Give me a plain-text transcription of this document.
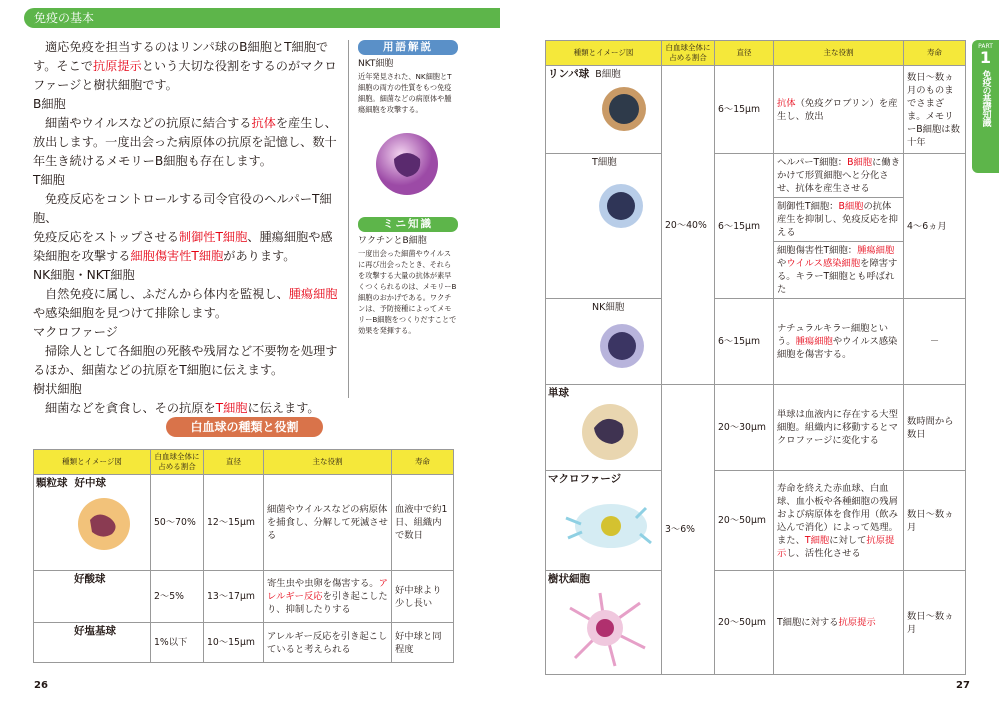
免疫の基本

適応免疫を担当するのはリンパ球のB細胞とT細胞で

す。そこで抗原提示という大切な役割をするのがマクロ

ファージと樹状細胞です。

B細胞

細菌やウイルスなどの抗原に結合する抗体を産生し、

放出します。一度出会った病原体の抗原を記憶し、数十

年生き続けるメモリーB細胞も存在します。

T細胞

免疫反応をコントロールする司令官役のヘルパーT細胞、

免疫反応をストップさせる制御性T細胞、腫瘍細胞や感

染細胞を攻撃する細胞傷害性T細胞があります。

NK細胞・NKT細胞

自然免疫に属し、ふだんから体内を監視し、腫瘍細胞

や感染細胞を見つけて排除します。

マクロファージ

掃除人として各細胞の死骸や残屑など不要物を処理す

るほか、細菌などの抗原をT細胞に伝えます。

樹状細胞

細菌などを貪食し、その抗原をT細胞に伝えます。

用語解説
NKT細胞
近年発見された、NK細胞とT細胞の両方の性質をもつ免疫細胞。細菌などの病原体や腫瘍細胞を攻撃する。
ミニ知識
ワクチンとB細胞
一度出会った細菌やウイルスに再び出会ったとき、それらを攻撃する大量の抗体が素早くつくられるのは、メモリーB細胞のおかげである。ワクチンは、予防接種によってメモリーB細胞をつくりだすことで効果を発揮する。
白血球の種類と役割
種類とイメージ図	白血球全体に占める割合	直径	主な役割	寿命
顆粒球 好中球	50～70%	12～15μm	細菌やウイルスなどの病原体を捕食し、分解して死滅させる	血液中で約1日、組織内で数日
好酸球	2～5%	13～17μm	寄生虫や虫卵を傷害する。アレルギー反応を引き起こしたり、抑制したりする	好中球より少し長い
好塩基球	1%以下	10～15μm	アレルギー反応を引き起こしていると考えられる	好中球と同程度
26
種類とイメージ図	白血球全体に占める割合	直径	主な役割	寿命
リンパ球 B細胞	20～40%	6～15μm	抗体（免疫グロブリン）を産生し、放出	数日～数ヵ月のものまでさまざま。メモリーB細胞は数十年
T細胞		6～15μm	ヘルパーT細胞：B細胞に働きかけて形質細胞へと分化させ、抗体を産生させる
制御性T細胞：B細胞の抗体産生を抑制し、免疫反応を抑える
細胞傷害性T細胞：腫瘍細胞やウイルス感染細胞を障害する。キラーT細胞とも呼ばれた	4～6ヵ月
NK細胞		6～15μm	ナチュラルキラー細胞という。腫瘍細胞やウイルス感染細胞を傷害する。	－
単球	3～6%	20～30μm	単球は血液内に存在する大型細胞。組織内に移動するとマクロファージに変化する	数時間から数日
マクロファージ		20～50μm	寿命を終えた赤血球、白血球、血小板や各種細胞の残屑および病原体を食作用（飲み込んで消化）によって処理。また、T細胞に対して抗原提示し、活性化させる	数日～数ヵ月
樹状細胞		20～50μm	T細胞に対する抗原提示	数日～数ヵ月
27
PART
1
免疫の基礎知識
